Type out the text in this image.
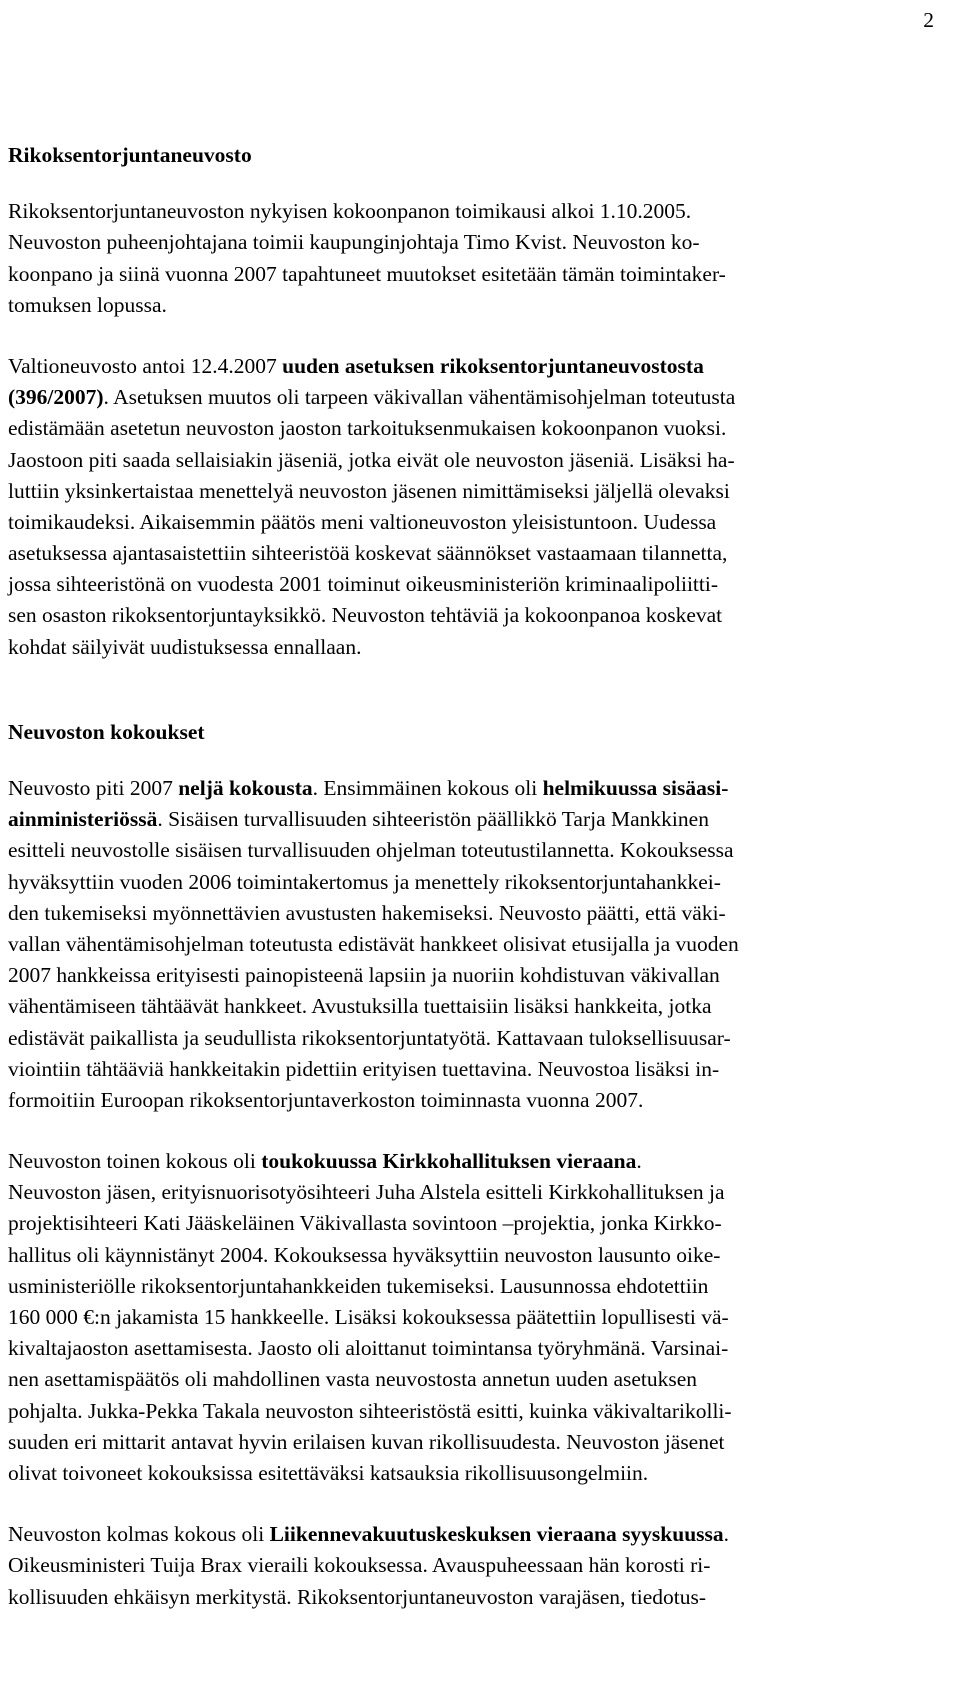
2
Rikoksentorjuntaneuvosto
Rikoksentorjuntaneuvoston nykyisen kokoonpanon toimikausi alkoi 1.10.2005.
Neuvoston puheenjohtajana toimii kaupunginjohtaja Timo Kvist. Neuvoston ko-
koonpano ja siinä vuonna 2007 tapahtuneet muutokset esitetään tämän toimintaker-
tomuksen lopussa.
Valtioneuvosto antoi 12.4.2007 uuden asetuksen rikoksentorjuntaneuvostosta
(396/2007). Asetuksen muutos oli tarpeen väkivallan vähentämisohjelman toteutusta
edistämään asetetun neuvoston jaoston tarkoituksenmukaisen kokoonpanon vuoksi.
Jaostoon piti saada sellaisiakin jäseniä, jotka eivät ole neuvoston jäseniä. Lisäksi ha-
luttiin yksinkertaistaa menettelyä neuvoston jäsenen nimittämiseksi jäljellä olevaksi
toimikaudeksi. Aikaisemmin päätös meni valtioneuvoston yleisistuntoon. Uudessa
asetuksessa ajantasaistettiin sihteeristöä koskevat säännökset vastaamaan tilannetta,
jossa sihteeristönä on vuodesta 2001 toiminut oikeusministeriön kriminaalipoliitti-
sen osaston rikoksentorjuntayksikkö. Neuvoston tehtäviä ja kokoonpanoa koskevat
kohdat säilyivät uudistuksessa ennallaan.
Neuvoston kokoukset
Neuvosto piti 2007 neljä kokousta. Ensimmäinen kokous oli helmikuussa sisäasi-
ainministeriössä. Sisäisen turvallisuuden sihteeristön päällikkö Tarja Mankkinen
esitteli neuvostolle sisäisen turvallisuuden ohjelman toteutustilannetta. Kokouksessa
hyväksyttiin vuoden 2006 toimintakertomus ja menettely rikoksentorjuntahankkei-
den tukemiseksi myönnettävien avustusten hakemiseksi. Neuvosto päätti, että väki-
vallan vähentämisohjelman toteutusta edistävät hankkeet olisivat etusijalla ja vuoden
2007 hankkeissa erityisesti painopisteenä lapsiin ja nuoriin kohdistuvan väkivallan
vähentämiseen tähtäävät hankkeet. Avustuksilla tuettaisiin lisäksi hankkeita, jotka
edistävät paikallista ja seudullista rikoksentorjuntatyötä. Kattavaan tuloksellisuusar-
viointiin tähtääviä hankkeitakin pidettiin erityisen tuettavina. Neuvostoa lisäksi in-
formoitiin Euroopan rikoksentorjuntaverkoston toiminnasta vuonna 2007.
Neuvoston toinen kokous oli toukokuussa Kirkkohallituksen vieraana.
Neuvoston jäsen, erityisnuorisotyösihteeri Juha Alstela esitteli Kirkkohallituksen ja
projektisihteeri Kati Jääskeläinen Väkivallasta sovintoon –projektia, jonka Kirkko-
hallitus oli käynnistänyt 2004. Kokouksessa hyväksyttiin neuvoston lausunto oike-
usministeriölle rikoksentorjuntahankkeiden tukemiseksi. Lausunnossa ehdotettiin
160 000 €:n jakamista 15 hankkeelle. Lisäksi kokouksessa päätettiin lopullisesti vä-
kivaltajaoston asettamisesta. Jaosto oli aloittanut toimintansa työryhmänä. Varsinai-
nen asettamispäätös oli mahdollinen vasta neuvostosta annetun uuden asetuksen
pohjalta. Jukka-Pekka Takala neuvoston sihteeristöstä esitti, kuinka väkivaltarikolli-
suuden eri mittarit antavat hyvin erilaisen kuvan rikollisuudesta. Neuvoston jäsenet
olivat toivoneet kokouksissa esitettäväksi katsauksia rikollisuusongelmiin.
Neuvoston kolmas kokous oli Liikennevakuutuskeskuksen vieraana syyskuussa.
Oikeusministeri Tuija Brax vieraili kokouksessa. Avauspuheessaan hän korosti ri-
kollisuuden ehkäisyn merkitystä. Rikoksentorjuntaneuvoston varajäsen, tiedotus-
